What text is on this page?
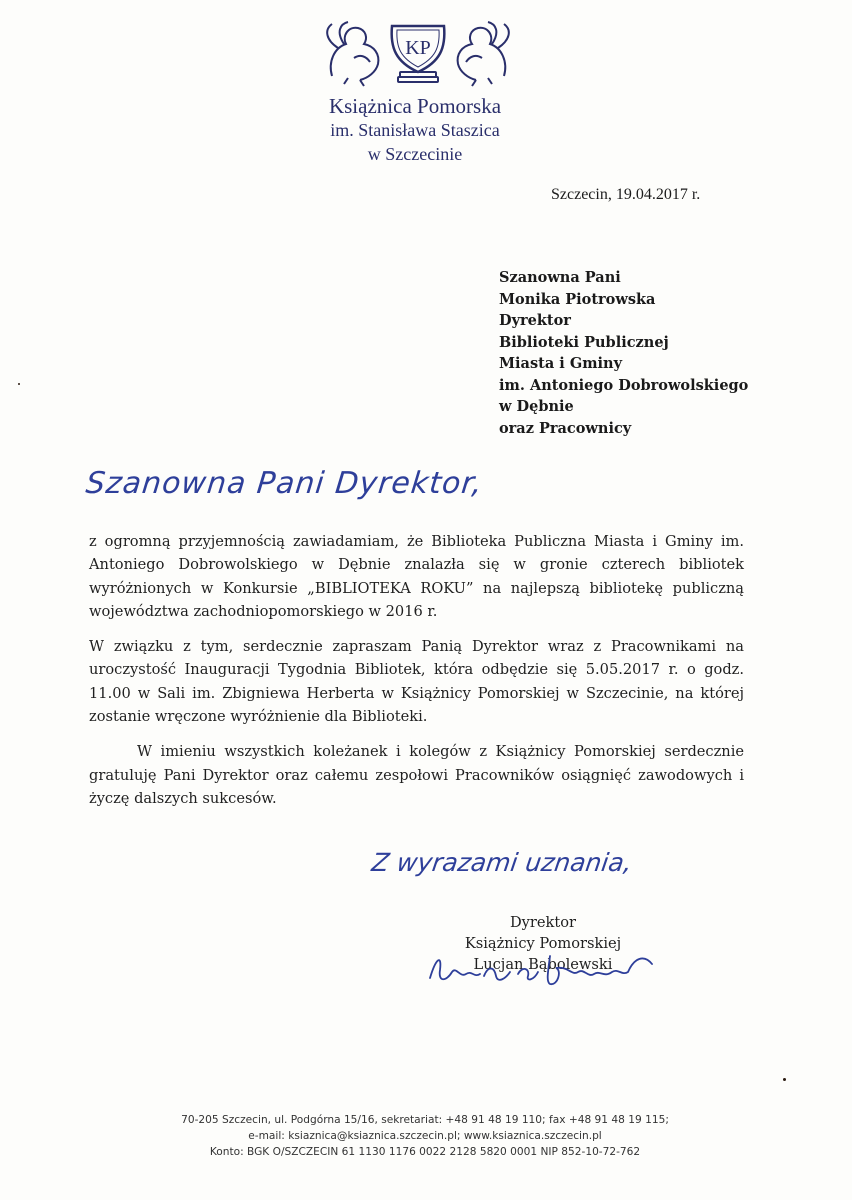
KP
Książnica Pomorska
im. Stanisława Staszica
w Szczecinie
Szczecin, 19.04.2017 r.
Szanowna Pani
Monika Piotrowska
Dyrektor
Biblioteki Publicznej
Miasta i Gminy
im. Antoniego Dobrowolskiego
w Dębnie
oraz Pracownicy
Szanowna Pani Dyrektor,

z ogromną przyjemnością zawiadamiam, że Biblioteka Publiczna Miasta i Gminy im. Antoniego Dobrowolskiego w Dębnie znalazła się w gronie czterech bibliotek wyróżnionych w Konkursie „BIBLIOTEKA ROKU” na najlepszą bibliotekę publiczną województwa zachodniopomorskiego w 2016 r.

W związku z tym, serdecznie zapraszam Panią Dyrektor wraz z Pracownikami na uroczystość Inauguracji Tygodnia Bibliotek, która odbędzie się 5.05.2017 r. o godz. 11.00 w Sali im. Zbigniewa Herberta w Książnicy Pomorskiej w Szczecinie, na której zostanie wręczone wyróżnienie dla Biblioteki.

W imieniu wszystkich koleżanek i kolegów z Książnicy Pomorskiej serdecznie gratuluję Pani Dyrektor oraz całemu zespołowi Pracowników osiągnięć zawodowych i życzę dalszych sukcesów.

Z wyrazami uznania,
Dyrektor
Książnicy Pomorskiej
Lucjan Bąbolewski
70-205 Szczecin, ul. Podgórna 15/16, sekretariat: +48 91 48 19 110; fax +48 91 48 19 115;
e-mail: ksiaznica@ksiaznica.szczecin.pl; www.ksiaznica.szczecin.pl
Konto: BGK O/SZCZECIN 61 1130 1176 0022 2128 5820 0001 NIP 852-10-72-762
